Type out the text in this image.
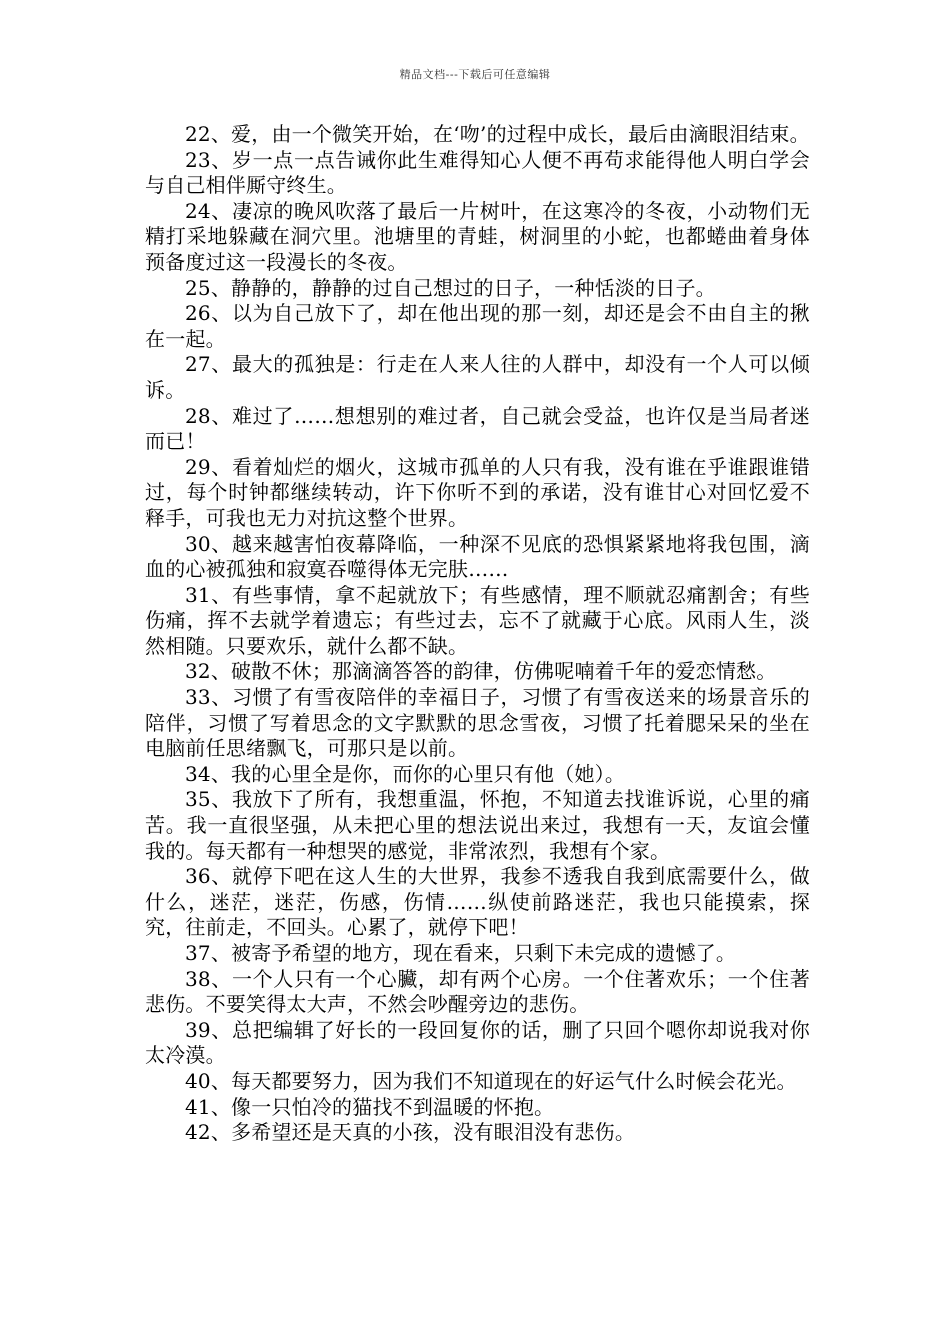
精品文档---下载后可任意编辑

22、爱，由一个微笑开始，在‘吻’的过程中成长，最后由滴眼泪结束。

23、岁一点一点告诫你此生难得知心人便不再苟求能得他人明白学会与自己相伴厮守终生。

24、凄凉的晚风吹落了最后一片树叶，在这寒冷的冬夜，小动物们无精打采地躲藏在洞穴里。池塘里的青蛙，树洞里的小蛇，也都蜷曲着身体预备度过这一段漫长的冬夜。

25、静静的，静静的过自己想过的日子，一种恬淡的日子。

26、以为自己放下了，却在他出现的那一刻，却还是会不由自主的揪在一起。

27、最大的孤独是：行走在人来人往的人群中，却没有一个人可以倾诉。

28、难过了……想想别的难过者，自己就会受益，也许仅是当局者迷而已！

29、看着灿烂的烟火，这城市孤单的人只有我，没有谁在乎谁跟谁错过，每个时钟都继续转动，许下你听不到的承诺，没有谁甘心对回忆爱不释手，可我也无力对抗这整个世界。

30、越来越害怕夜幕降临，一种深不见底的恐惧紧紧地将我包围，滴血的心被孤独和寂寞吞噬得体无完肤……

31、有些事情，拿不起就放下；有些感情，理不顺就忍痛割舍；有些伤痛，挥不去就学着遗忘；有些过去，忘不了就藏于心底。风雨人生，淡然相随。只要欢乐，就什么都不缺。

32、破散不休；那滴滴答答的韵律，仿佛呢喃着千年的爱恋情愁。

33、习惯了有雪夜陪伴的幸福日子，习惯了有雪夜送来的场景音乐的陪伴，习惯了写着思念的文字默默的思念雪夜，习惯了托着腮呆呆的坐在电脑前任思绪飘飞，可那只是以前。

34、我的心里全是你，而你的心里只有他（她）。

35、我放下了所有，我想重温，怀抱，不知道去找谁诉说，心里的痛苦。我一直很坚强，从未把心里的想法说出来过，我想有一天，友谊会懂我的。每天都有一种想哭的感觉，非常浓烈，我想有个家。

36、就停下吧在这人生的大世界，我参不透我自我到底需要什么，做什么，迷茫，迷茫，伤感，伤情……纵使前路迷茫，我也只能摸索，探究，往前走，不回头。心累了，就停下吧！

37、被寄予希望的地方，现在看来，只剩下未完成的遗憾了。

38、一个人只有一个心臟，却有两个心房。一个住著欢乐；一个住著悲伤。不要笑得太大声，不然会吵醒旁边的悲伤。

39、总把编辑了好长的一段回复你的话，删了只回个嗯你却说我对你太冷漠。

40、每天都要努力，因为我们不知道现在的好运气什么时候会花光。

41、像一只怕冷的猫找不到温暖的怀抱。

42、多希望还是天真的小孩，没有眼泪没有悲伤。
